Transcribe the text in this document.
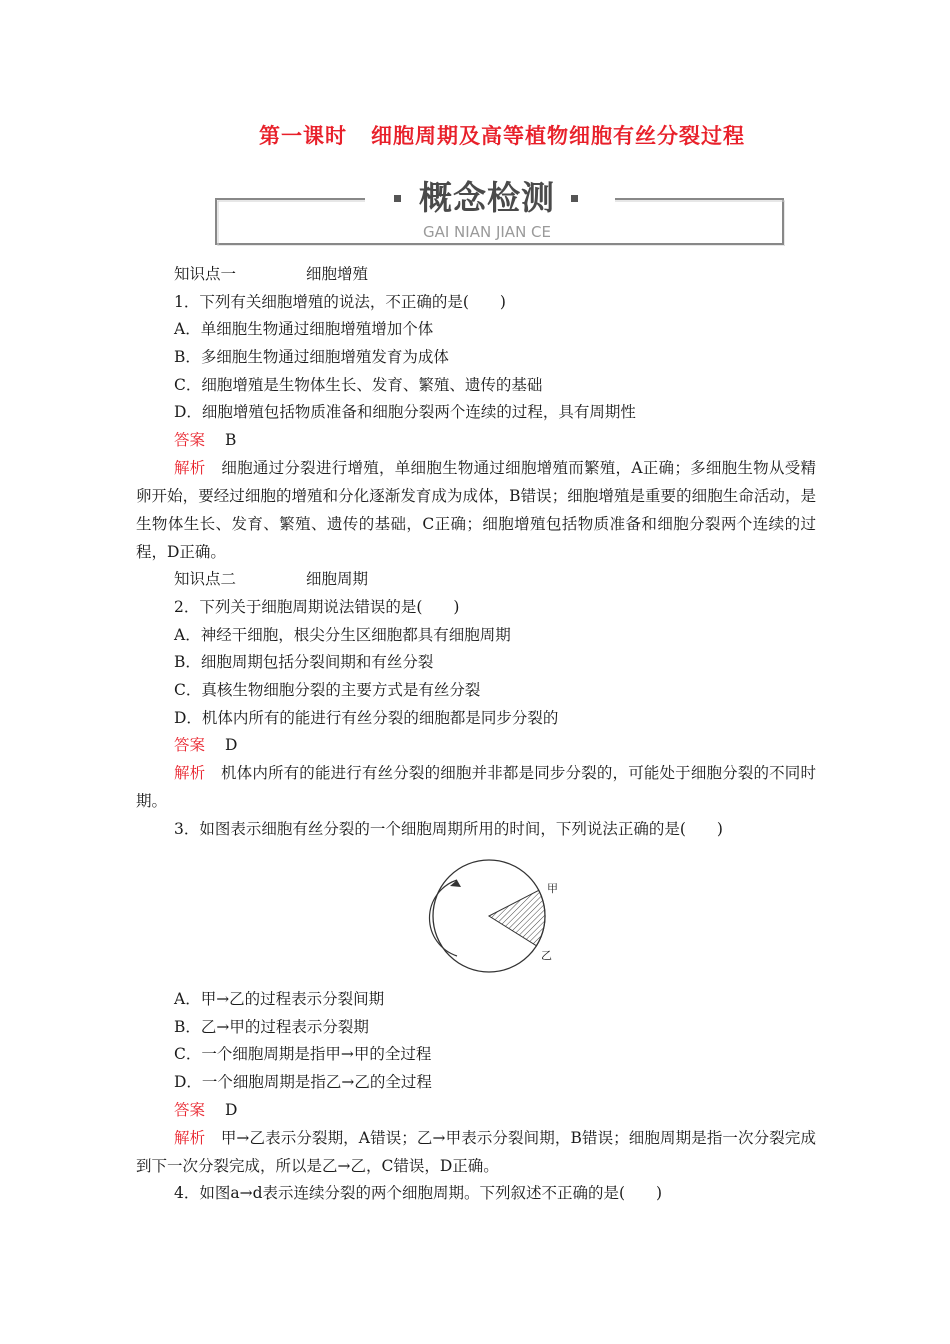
第一课时 细胞周期及高等植物细胞有丝分裂过程
概念检测
GAI NIAN JIAN CE
知识点一	细胞增殖
1．下列有关细胞增殖的说法，不正确的是(　　)
A．单细胞生物通过细胞增殖增加个体
B．多细胞生物通过细胞增殖发育为成体
C．细胞增殖是生物体生长、发育、繁殖、遗传的基础
D．细胞增殖包括物质准备和细胞分裂两个连续的过程，具有周期性
答案 B
解析　 细胞通过分裂进行增殖，单细胞生物通过细胞增殖而繁殖，A正确；多细胞生物从受精卵开始，要经过细胞的增殖和分化逐渐发育成为成体，B错误；细胞增殖是重要的细胞生命活动，是生物体生长、发育、繁殖、遗传的基础，C正确；细胞增殖包括物质准备和细胞分裂两个连续的过程，D正确。
知识点二	细胞周期
2．下列关于细胞周期说法错误的是(　　)
A．神经干细胞，根尖分生区细胞都具有细胞周期
B．细胞周期包括分裂间期和有丝分裂
C．真核生物细胞分裂的主要方式是有丝分裂
D．机体内所有的能进行有丝分裂的细胞都是同步分裂的
答案 D
解析　 机体内所有的能进行有丝分裂的细胞并非都是同步分裂的，可能处于细胞分裂的不同时期。
3．如图表示细胞有丝分裂的一个细胞周期所用的时间，下列说法正确的是(　　)
甲
乙
A．甲→乙的过程表示分裂间期
B．乙→甲的过程表示分裂期
C．一个细胞周期是指甲→甲的全过程
D．一个细胞周期是指乙→乙的全过程
答案 D
解析　 甲→乙表示分裂期，A错误；乙→甲表示分裂间期，B错误；细胞周期是指一次分裂完成到下一次分裂完成，所以是乙→乙，C错误，D正确。
4．如图a→d表示连续分裂的两个细胞周期。下列叙述不正确的是(　　)
